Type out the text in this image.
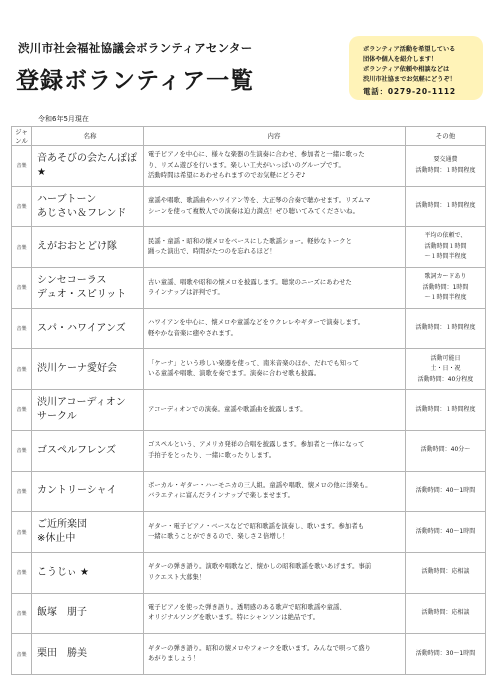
渋川市社会福祉協議会ボランティアセンター
登録ボランティア一覧
令和6年5月現在
ボランティア活動を希望している
団体や個人を紹介します！
ボランティア依頼や相談などは
渋川市社協までお気軽にどうぞ！
電話：0279-20-1112
ジャンル	名称	内容	その他
音楽	音あそびの会たんぽぽ ★	電子ピアノを中心に、様々な楽器の生演奏に合わせ、参加者と一緒に歌った
り、リズム遊びを行います。楽しい工夫がいっぱいのグループです。
活動時間は希望にあわせられますのでお気軽にどうぞ♪	要交通費
活動時間：１時間程度

音楽	ハーブトーン
あじさい＆フレンド	童謡や唱歌、歌謡曲やハワイアン等を、大正琴の合奏で聴かせます。リズムマ
シーンを使って複数人での演奏は迫力満点！ぜひ聴いてみてくださいね。	活動時間：１時間程度

音楽	えがおおとどけ隊	民謡・童謡・昭和の懐メロをベースにした歌謡ショー。軽妙なトークと
踊った演出で、時間がたつのを忘れるほど！	平均の依頼で、
活動時間１時間
～１時間半程度

音楽	シンセコーラス
デュオ・スピリット	古い童謡、唱歌や昭和の懐メロを披露します。聴衆のニーズにあわせた
ラインナップは評判です。	歌詞カードあり
活動時間：1時間
～１時間半程度

音楽	スパ・ハワイアンズ	ハワイアンを中心に、懐メロや童謡などをウクレレやギターで演奏します。
軽やかな音楽に癒やされます。	活動時間：１時間程度

音楽	渋川ケーナ愛好会	「ケーナ」という珍しい楽器を使って、南米音楽のほか、だれでも知って
いる童謡や唱歌、演歌を奏でます。演奏に合わせ歌も披露。	活動可能日
土・日・祝
活動時間：40分程度

音楽	渋川アコーディオン
サークル	アコーディオンでの演奏。童謡や歌謡曲を披露します。	活動時間：１時間程度

音楽	ゴスペルフレンズ	ゴスペルという、アメリカ発祥の合唱を披露します。参加者と一体になって
手拍子をとったり、一緒に歌ったりします。	活動時間：40分～

音楽	カントリーシャイ	ボーカル・ギター・ハーモニカの三人組。童謡や唱歌、懐メロの他に洋楽も。
バラエティに富んだラインナップで楽しませます。	活動時間：40～1時間

音楽	ご近所楽団
※休止中	ギター・電子ピアノ・ベースなどで昭和歌謡を演奏し、歌います。参加者も
一緒に歌うことができるので、楽しさ２倍増し！	活動時間：40～1時間

音楽	こうじぃ ★	ギターの弾き語り。演歌や唱歌など、懐かしの昭和歌謡を歌いあげます。事前
リクエスト大募集！	活動時間：応相談

音楽	飯塚　朋子	電子ピアノを使った弾き語り。透明感のある歌声で昭和歌謡や童謡、
オリジナルソングを歌います。特にシャンソンは絶品です。	活動時間：応相談

音楽	栗田　勝美	ギターの弾き語り。昭和の懐メロやフォークを歌います。みんなで唄って盛り
あがりましょう！	活動時間：30～1時間
